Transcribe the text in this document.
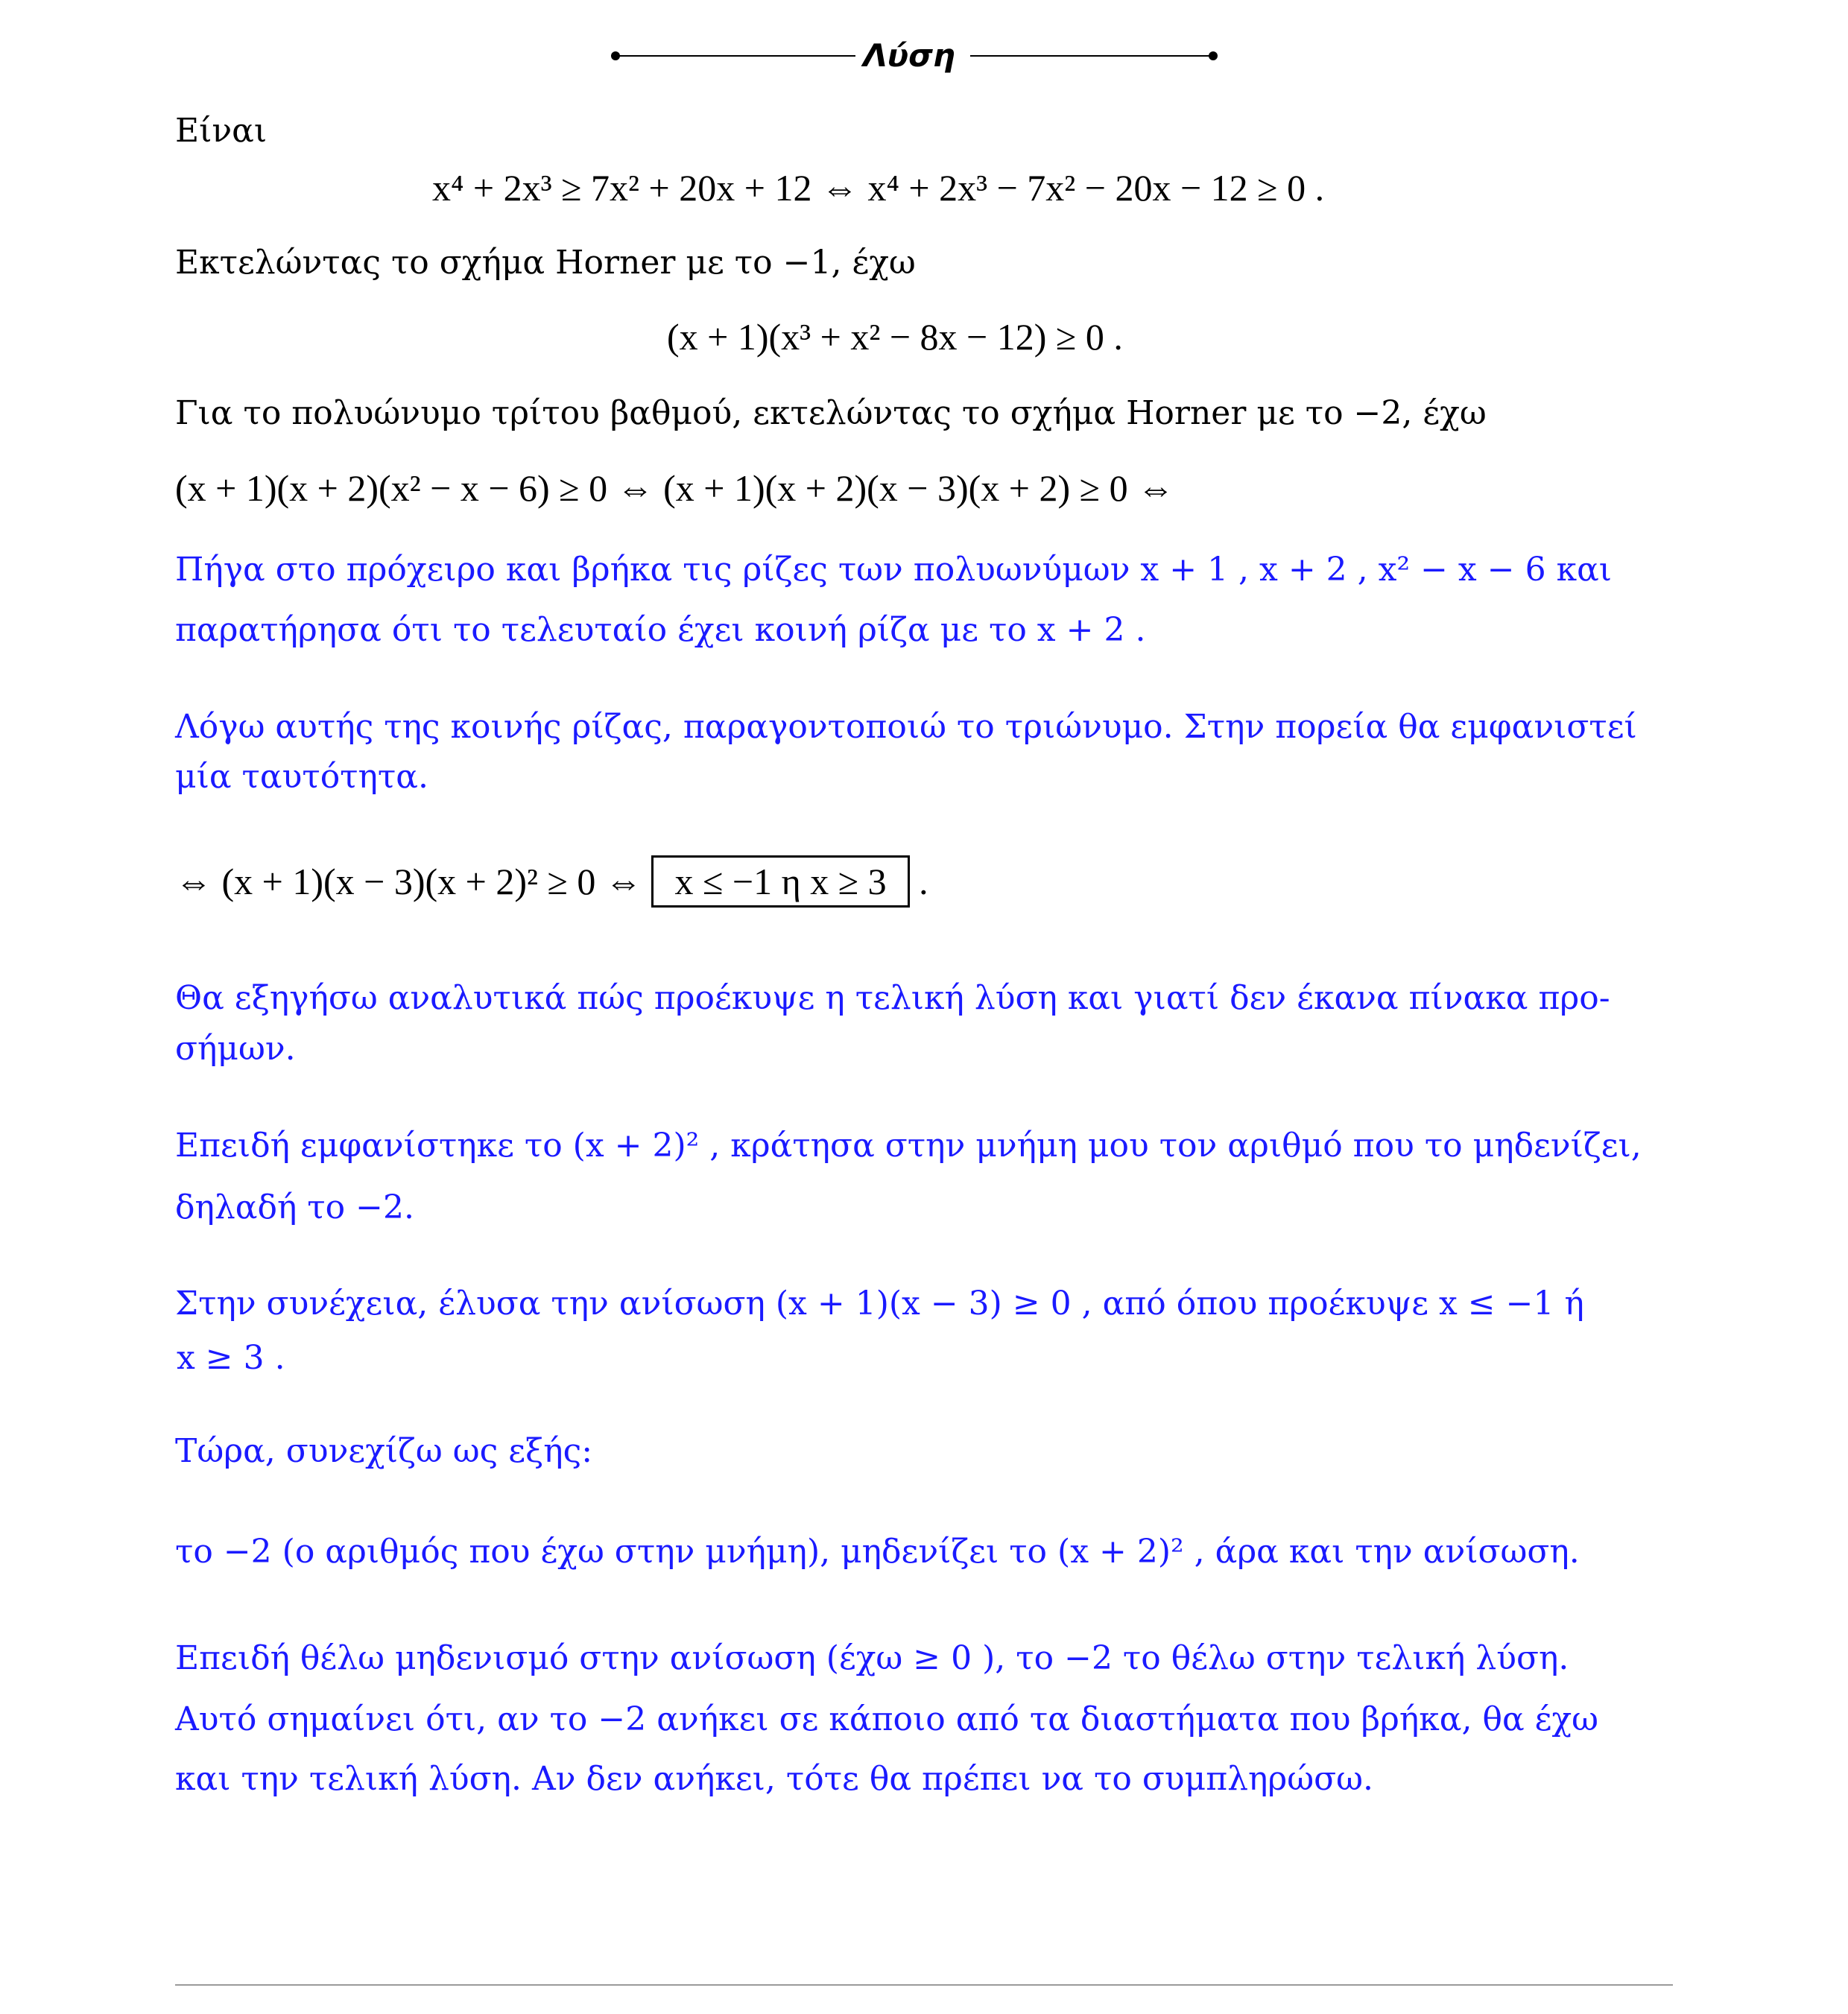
Λύση
Είναι
x⁴ + 2x³ ≥ 7x² + 20x + 12 ⇔ x⁴ + 2x³ − 7x² − 20x − 12 ≥ 0 .
Εκτελώντας το σχήμα Horner με το −1, έχω
(x + 1)(x³ + x² − 8x − 12) ≥ 0 .
Για το πολυώνυμο τρίτου βαθμού, εκτελώντας το σχήμα Horner με το −2, έχω
(x + 1)(x + 2)(x² − x − 6) ≥ 0 ⇔ (x + 1)(x + 2)(x − 3)(x + 2) ≥ 0 ⇔
Πήγα στο πρόχειρο και βρήκα τις ρίζες των πολυωνύμων x + 1 , x + 2 , x² − x − 6 και
παρατήρησα ότι το τελευταίο έχει κοινή ρίζα με το x + 2 .
Λόγω αυτής της κοινής ρίζας, παραγοντοποιώ το τριώνυμο. Στην πορεία θα εμφανιστεί
μία ταυτότητα.
⇔ (x + 1)(x − 3)(x + 2)² ≥ 0 ⇔ x ≤ −1 η x ≥ 3 .
Θα εξηγήσω αναλυτικά πώς προέκυψε η τελική λύση και γιατί δεν έκανα πίνακα προ-
σήμων.
Επειδή εμφανίστηκε το (x + 2)² , κράτησα στην μνήμη μου τον αριθμό που το μηδενίζει,
δηλαδή το −2.
Στην συνέχεια, έλυσα την ανίσωση (x + 1)(x − 3) ≥ 0 , από όπου προέκυψε x ≤ −1 ή
x ≥ 3 .
Τώρα, συνεχίζω ως εξής:
το −2 (ο αριθμός που έχω στην μνήμη), μηδενίζει το (x + 2)² , άρα και την ανίσωση.
Επειδή θέλω μηδενισμό στην ανίσωση (έχω ≥ 0 ), το −2 το θέλω στην τελική λύση.
Αυτό σημαίνει ότι, αν το −2 ανήκει σε κάποιο από τα διαστήματα που βρήκα, θα έχω
και την τελική λύση. Αν δεν ανήκει, τότε θα πρέπει να το συμπληρώσω.
